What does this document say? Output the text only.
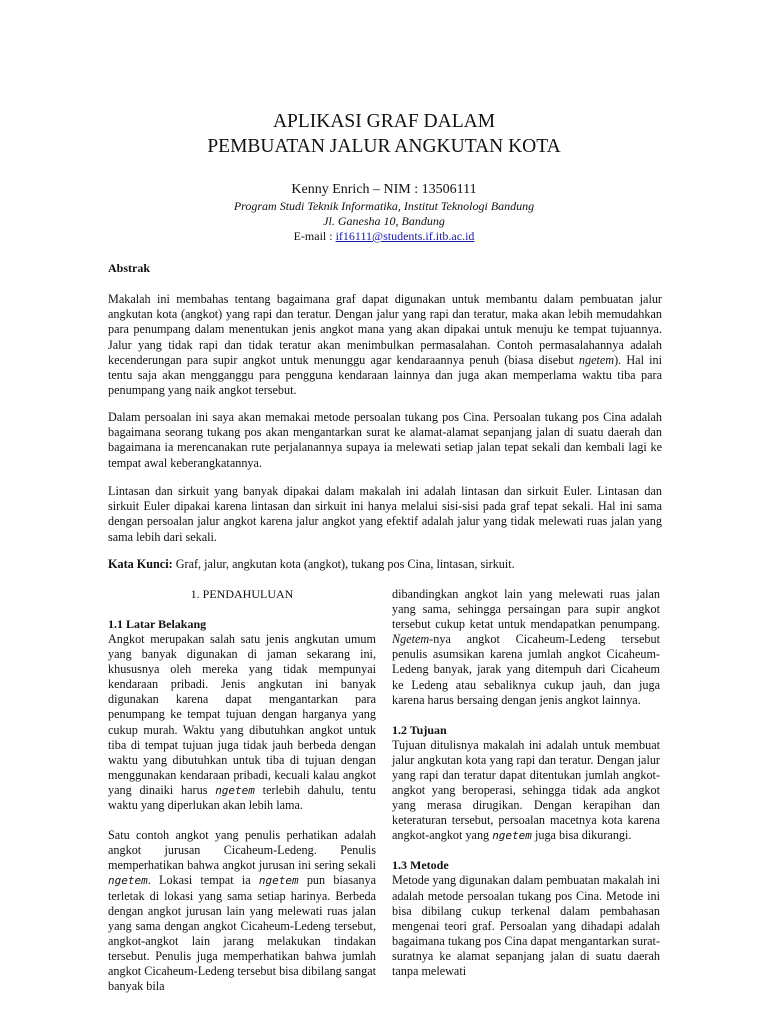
APLIKASI GRAF DALAM
PEMBUATAN JALUR ANGKUTAN KOTA
Kenny Enrich – NIM : 13506111
Program Studi Teknik Informatika, Institut Teknologi Bandung
Jl. Ganesha 10, Bandung
E-mail : if16111@students.if.itb.ac.id
Abstrak

Makalah ini membahas tentang bagaimana graf dapat digunakan untuk membantu dalam pembuatan jalur angkutan kota (angkot) yang rapi dan teratur. Dengan jalur yang rapi dan teratur, maka akan lebih memudahkan para penumpang dalam menentukan jenis angkot mana yang akan dipakai untuk menuju ke tempat tujuannya. Jalur yang tidak rapi dan tidak teratur akan menimbulkan permasalahan. Contoh permasalahannya adalah kecenderungan para supir angkot untuk menunggu agar kendaraannya penuh (biasa disebut ngetem). Hal ini tentu saja akan mengganggu para pengguna kendaraan lainnya dan juga akan memperlama waktu tiba para penumpang yang naik angkot tersebut.

Dalam persoalan ini saya akan memakai metode persoalan tukang pos Cina. Persoalan tukang pos Cina adalah bagaimana seorang tukang pos akan mengantarkan surat ke alamat-alamat sepanjang jalan di suatu daerah dan bagaimana ia merencanakan rute perjalanannya supaya ia melewati setiap jalan tepat sekali dan kembali lagi ke tempat awal keberangkatannya.

Lintasan dan sirkuit yang banyak dipakai dalam makalah ini adalah lintasan dan sirkuit Euler. Lintasan dan sirkuit Euler dipakai karena lintasan dan sirkuit ini hanya melalui sisi-sisi pada graf tepat sekali. Hal ini sama dengan persoalan jalur angkot karena jalur angkot yang efektif adalah jalur yang tidak melewati ruas jalan yang sama lebih dari sekali.

Kata Kunci: Graf, jalur, angkutan kota (angkot), tukang pos Cina, lintasan, sirkuit.
1. PENDAHULUAN
1.1 Latar Belakang

Angkot merupakan salah satu jenis angkutan umum yang banyak digunakan di jaman sekarang ini, khususnya oleh mereka yang tidak mempunyai kendaraan pribadi. Jenis angkutan ini banyak digunakan karena dapat mengantarkan para penumpang ke tempat tujuan dengan harganya yang cukup murah. Waktu yang dibutuhkan angkot untuk tiba di tempat tujuan juga tidak jauh berbeda dengan waktu yang dibutuhkan untuk tiba di tujuan dengan menggunakan kendaraan pribadi, kecuali kalau angkot yang dinaiki harus ngetem terlebih dahulu, tentu waktu yang diperlukan akan lebih lama.

Satu contoh angkot yang penulis perhatikan adalah angkot jurusan Cicaheum-Ledeng. Penulis memperhatikan bahwa angkot jurusan ini sering sekali ngetem. Lokasi tempat ia ngetem pun biasanya terletak di lokasi yang sama setiap harinya. Berbeda dengan angkot jurusan lain yang melewati ruas jalan yang sama dengan angkot Cicaheum-Ledeng tersebut, angkot-angkot lain jarang melakukan tindakan tersebut. Penulis juga memperhatikan bahwa jumlah angkot Cicaheum-Ledeng tersebut bisa dibilang sangat banyak bila

dibandingkan angkot lain yang melewati ruas jalan yang sama, sehingga persaingan para supir angkot tersebut cukup ketat untuk mendapatkan penumpang. Ngetem-nya angkot Cicaheum-Ledeng tersebut penulis asumsikan karena jumlah angkot Cicaheum-Ledeng banyak, jarak yang ditempuh dari Cicaheum ke Ledeng atau sebaliknya cukup jauh, dan juga karena harus bersaing dengan jenis angkot lainnya.

1.2 Tujuan

Tujuan ditulisnya makalah ini adalah untuk membuat jalur angkutan kota yang rapi dan teratur. Dengan jalur yang rapi dan teratur dapat ditentukan jumlah angkot-angkot yang beroperasi, sehingga tidak ada angkot yang merasa dirugikan. Dengan kerapihan dan keteraturan tersebut, persoalan macetnya kota karena angkot-angkot yang ngetem juga bisa dikurangi.

1.3 Metode

Metode yang digunakan dalam pembuatan makalah ini adalah metode persoalan tukang pos Cina. Metode ini bisa dibilang cukup terkenal dalam pembahasan mengenai teori graf. Persoalan yang dihadapi adalah bagaimana tukang pos Cina dapat mengantarkan surat-suratnya ke alamat sepanjang jalan di suatu daerah tanpa melewati
